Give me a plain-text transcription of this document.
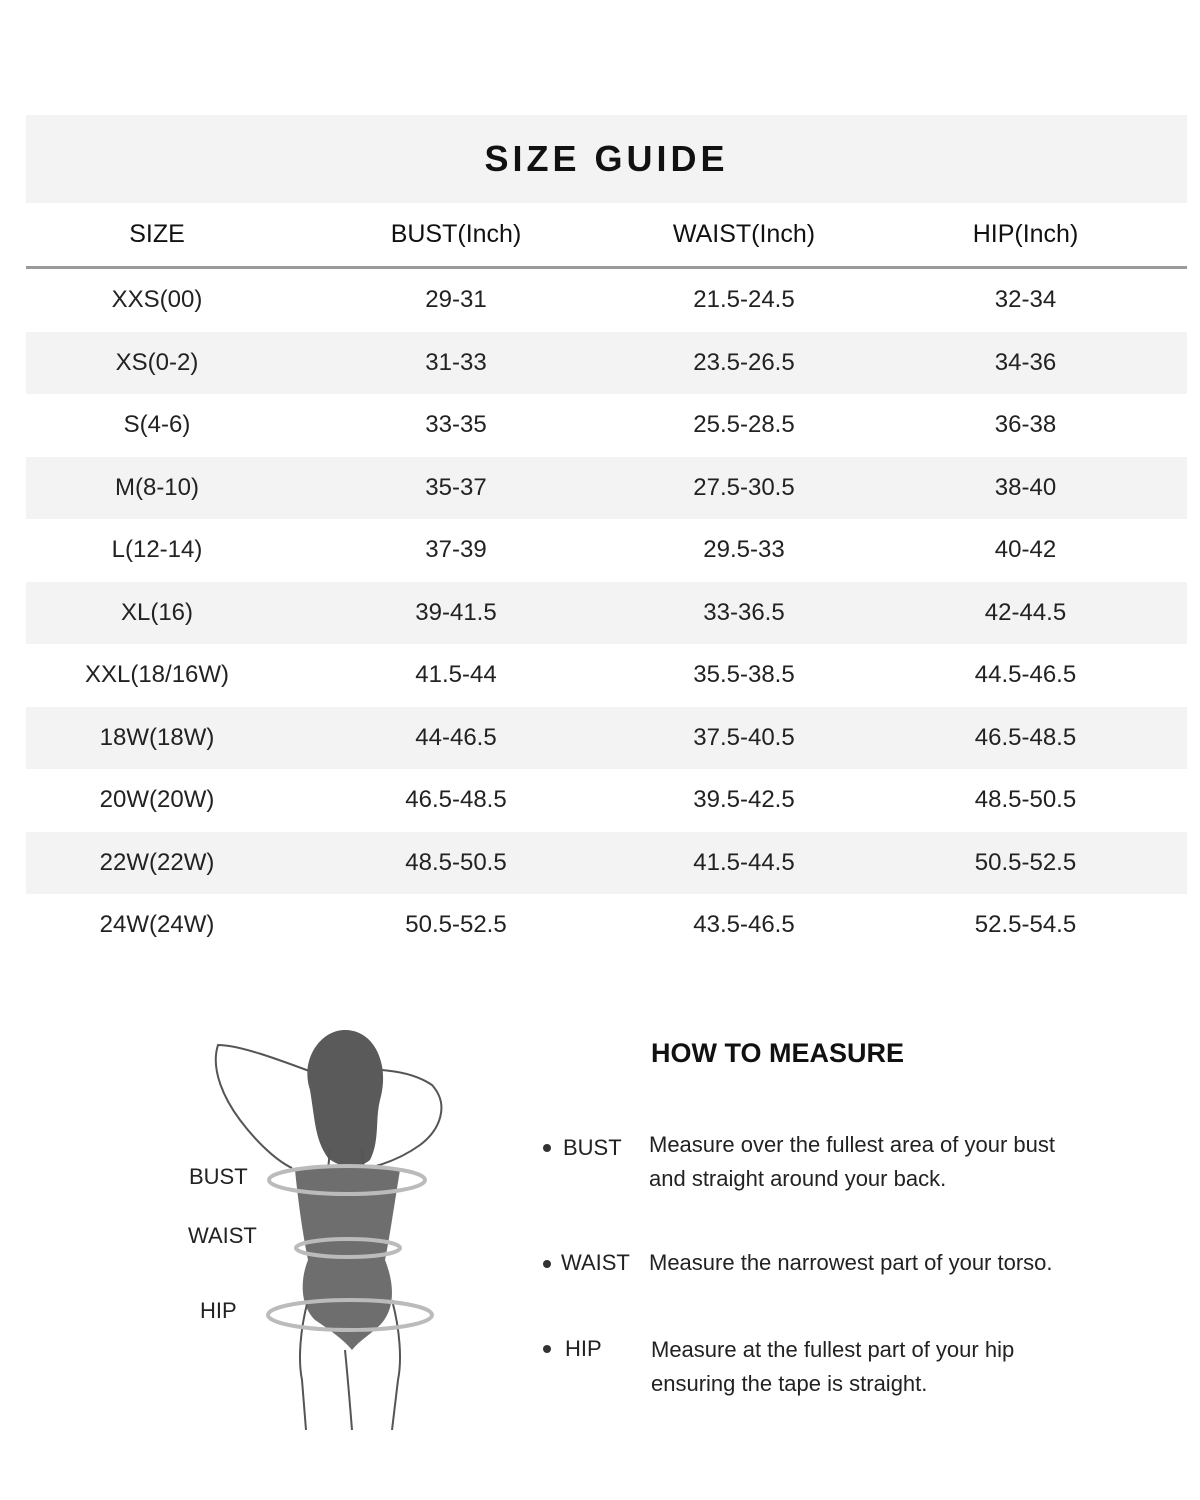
SIZE GUIDE
SIZE	BUST(Inch)	WAIST(Inch)	HIP(Inch)
XXS(00)	29-31	21.5-24.5	32-34
XS(0-2)	31-33	23.5-26.5	34-36
S(4-6)	33-35	25.5-28.5	36-38
M(8-10)	35-37	27.5-30.5	38-40
L(12-14)	37-39	29.5-33	40-42
XL(16)	39-41.5	33-36.5	42-44.5
XXL(18/16W)	41.5-44	35.5-38.5	44.5-46.5
18W(18W)	44-46.5	37.5-40.5	46.5-48.5
20W(20W)	46.5-48.5	39.5-42.5	48.5-50.5
22W(22W)	48.5-50.5	41.5-44.5	50.5-52.5
24W(24W)	50.5-52.5	43.5-46.5	52.5-54.5
BUST
WAIST
HIP
HOW TO MEASURE
BUST Measure over the fullest area of your bust
and straight around your back.
WAIST Measure the narrowest part of your torso.
HIP Measure at the fullest part of your hip
ensuring the tape is straight.
